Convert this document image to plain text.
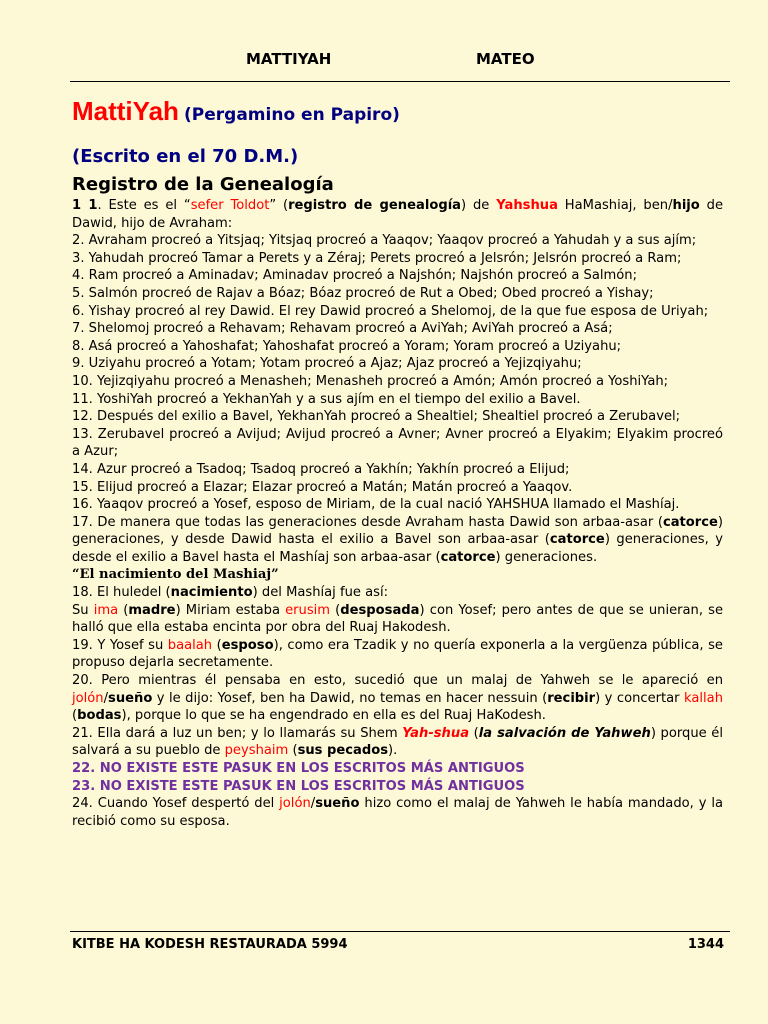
MATTIYAH	MATEO
MattiYah (Pergamino en Papiro)
(Escrito en el 70 D.M.)
Registro de la Genealogía

1 1. Este es el “sefer Toldot” (registro de genealogía) de Yahshua HaMashiaj, ben/hijo de Dawid, hijo de Avraham:

2. Avraham procreó a Yitsjaq; Yitsjaq procreó a Yaaqov; Yaaqov procreó a Yahudah y a sus ajím;

3. Yahudah procreó Tamar a Perets y a Zéraj; Perets procreó a Jelsrón; Jelsrón procreó a Ram;

4. Ram procreó a Aminadav; Aminadav procreó a Najshón; Najshón procreó a Salmón;

5. Salmón procreó de Rajav a Bóaz; Bóaz procreó de Rut a Obed; Obed procreó a Yishay;

6. Yishay procreó al rey Dawid. El rey Dawid procreó a Shelomoj, de la que fue esposa de Uriyah;

7. Shelomoj procreó a Rehavam; Rehavam procreó a AviYah; AviYah procreó a Asá;

8. Asá procreó a Yahoshafat; Yahoshafat procreó a Yoram; Yoram procreó a Uziyahu;

9. Uziyahu procreó a Yotam; Yotam procreó a Ajaz; Ajaz procreó a Yejizqiyahu;

10. Yejizqiyahu procreó a Menasheh; Menasheh procreó a Amón; Amón procreó a YoshiYah;

11. YoshiYah procreó a YekhanYah y a sus ajím en el tiempo del exilio a Bavel.

12. Después del exilio a Bavel, YekhanYah procreó a Shealtiel; Shealtiel procreó a Zerubavel;

13. Zerubavel procreó a Avijud; Avijud procreó a Avner; Avner procreó a Elyakim; Elyakim procreó a Azur;

14. Azur procreó a Tsadoq; Tsadoq procreó a Yakhín; Yakhín procreó a Elijud;

15. Elijud procreó a Elazar; Elazar procreó a Matán; Matán procreó a Yaaqov.

16. Yaaqov procreó a Yosef, esposo de Miriam, de la cual nació YAHSHUA llamado el Mashíaj.

17. De manera que todas las generaciones desde Avraham hasta Dawid son arbaa-asar (catorce) generaciones, y desde Dawid hasta el exilio a Bavel son arbaa-asar (catorce) generaciones, y desde el exilio a Bavel hasta el Mashíaj son arbaa-asar (catorce) generaciones.

“El nacimiento del Mashiaj”

18. El huledel (nacimiento) del Mashíaj fue así:

Su ima (madre) Miriam estaba erusim (desposada) con Yosef; pero antes de que se unieran, se halló que ella estaba encinta por obra del Ruaj Hakodesh.

19. Y Yosef su baalah (esposo), como era Tzadik y no quería exponerla a la vergüenza pública, se propuso dejarla secretamente.

20. Pero mientras él pensaba en esto, sucedió que un malaj de Yahweh se le apareció en jolón/sueño y le dijo: Yosef, ben ha Dawid, no temas en hacer nessuin (recibir) y concertar kallah (bodas), porque lo que se ha engendrado en ella es del Ruaj HaKodesh.

21. Ella dará a luz un ben; y lo llamarás su Shem Yah-shua (la salvación de Yahweh) porque él salvará a su pueblo de peyshaim (sus pecados).

22. NO EXISTE ESTE PASUK EN LOS ESCRITOS MÁS ANTIGUOS

23. NO EXISTE ESTE PASUK EN LOS ESCRITOS MÁS ANTIGUOS

24. Cuando Yosef despertó del jolón/sueño hizo como el malaj de Yahweh le había mandado, y la recibió como su esposa.

KITBE HA KODESH RESTAURADA 5994	1344
